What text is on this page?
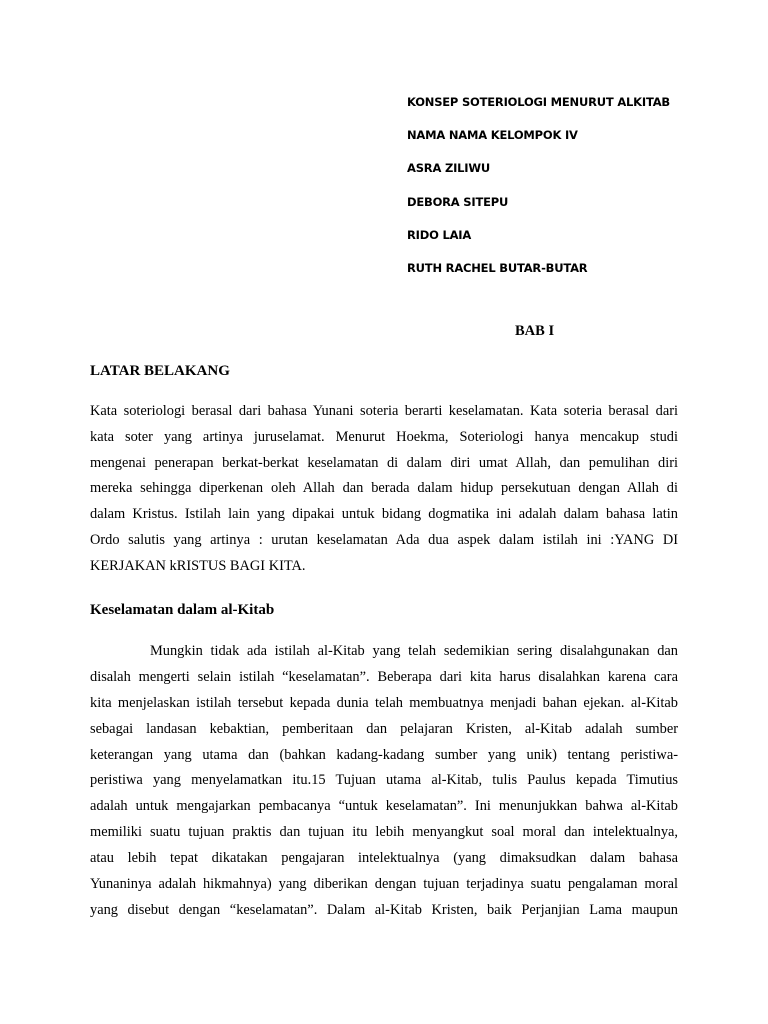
KONSEP SOTERIOLOGI MENURUT ALKITAB
NAMA NAMA KELOMPOK IV
ASRA ZILIWU
DEBORA SITEPU
RIDO LAIA
RUTH RACHEL BUTAR-BUTAR
BAB I
LATAR BELAKANG
Kata soteriologi berasal dari bahasa Yunani soteria berarti keselamatan. Kata soteria berasal dari
kata soter yang artinya juruselamat. Menurut Hoekma, Soteriologi hanya mencakup studi
mengenai penerapan berkat-berkat keselamatan di dalam diri umat Allah, dan pemulihan diri
mereka sehingga diperkenan oleh Allah dan berada dalam hidup persekutuan dengan Allah di
dalam Kristus. Istilah lain yang dipakai untuk bidang dogmatika ini adalah dalam bahasa latin
Ordo salutis yang artinya : urutan keselamatan Ada dua aspek dalam istilah ini :YANG DI
KERJAKAN kRISTUS BAGI KITA.
Keselamatan dalam al-Kitab
Mungkin tidak ada istilah al-Kitab yang telah sedemikian sering disalahgunakan dan
disalah mengerti selain istilah “keselamatan”. Beberapa dari kita harus disalahkan karena cara
kita menjelaskan istilah tersebut kepada dunia telah membuatnya menjadi bahan ejekan. al-Kitab
sebagai landasan kebaktian, pemberitaan dan pelajaran Kristen, al-Kitab adalah sumber
keterangan yang utama dan (bahkan kadang-kadang sumber yang unik) tentang peristiwa-
peristiwa yang menyelamatkan itu.15 Tujuan utama al-Kitab, tulis Paulus kepada Timutius
adalah untuk mengajarkan pembacanya “untuk keselamatan”. Ini menunjukkan bahwa al-Kitab
memiliki suatu tujuan praktis dan tujuan itu lebih menyangkut soal moral dan intelektualnya,
atau lebih tepat dikatakan pengajaran intelektualnya (yang dimaksudkan dalam bahasa
Yunaninya adalah hikmahnya) yang diberikan dengan tujuan terjadinya suatu pengalaman moral
yang disebut dengan “keselamatan”. Dalam al-Kitab Kristen, baik Perjanjian Lama maupun
